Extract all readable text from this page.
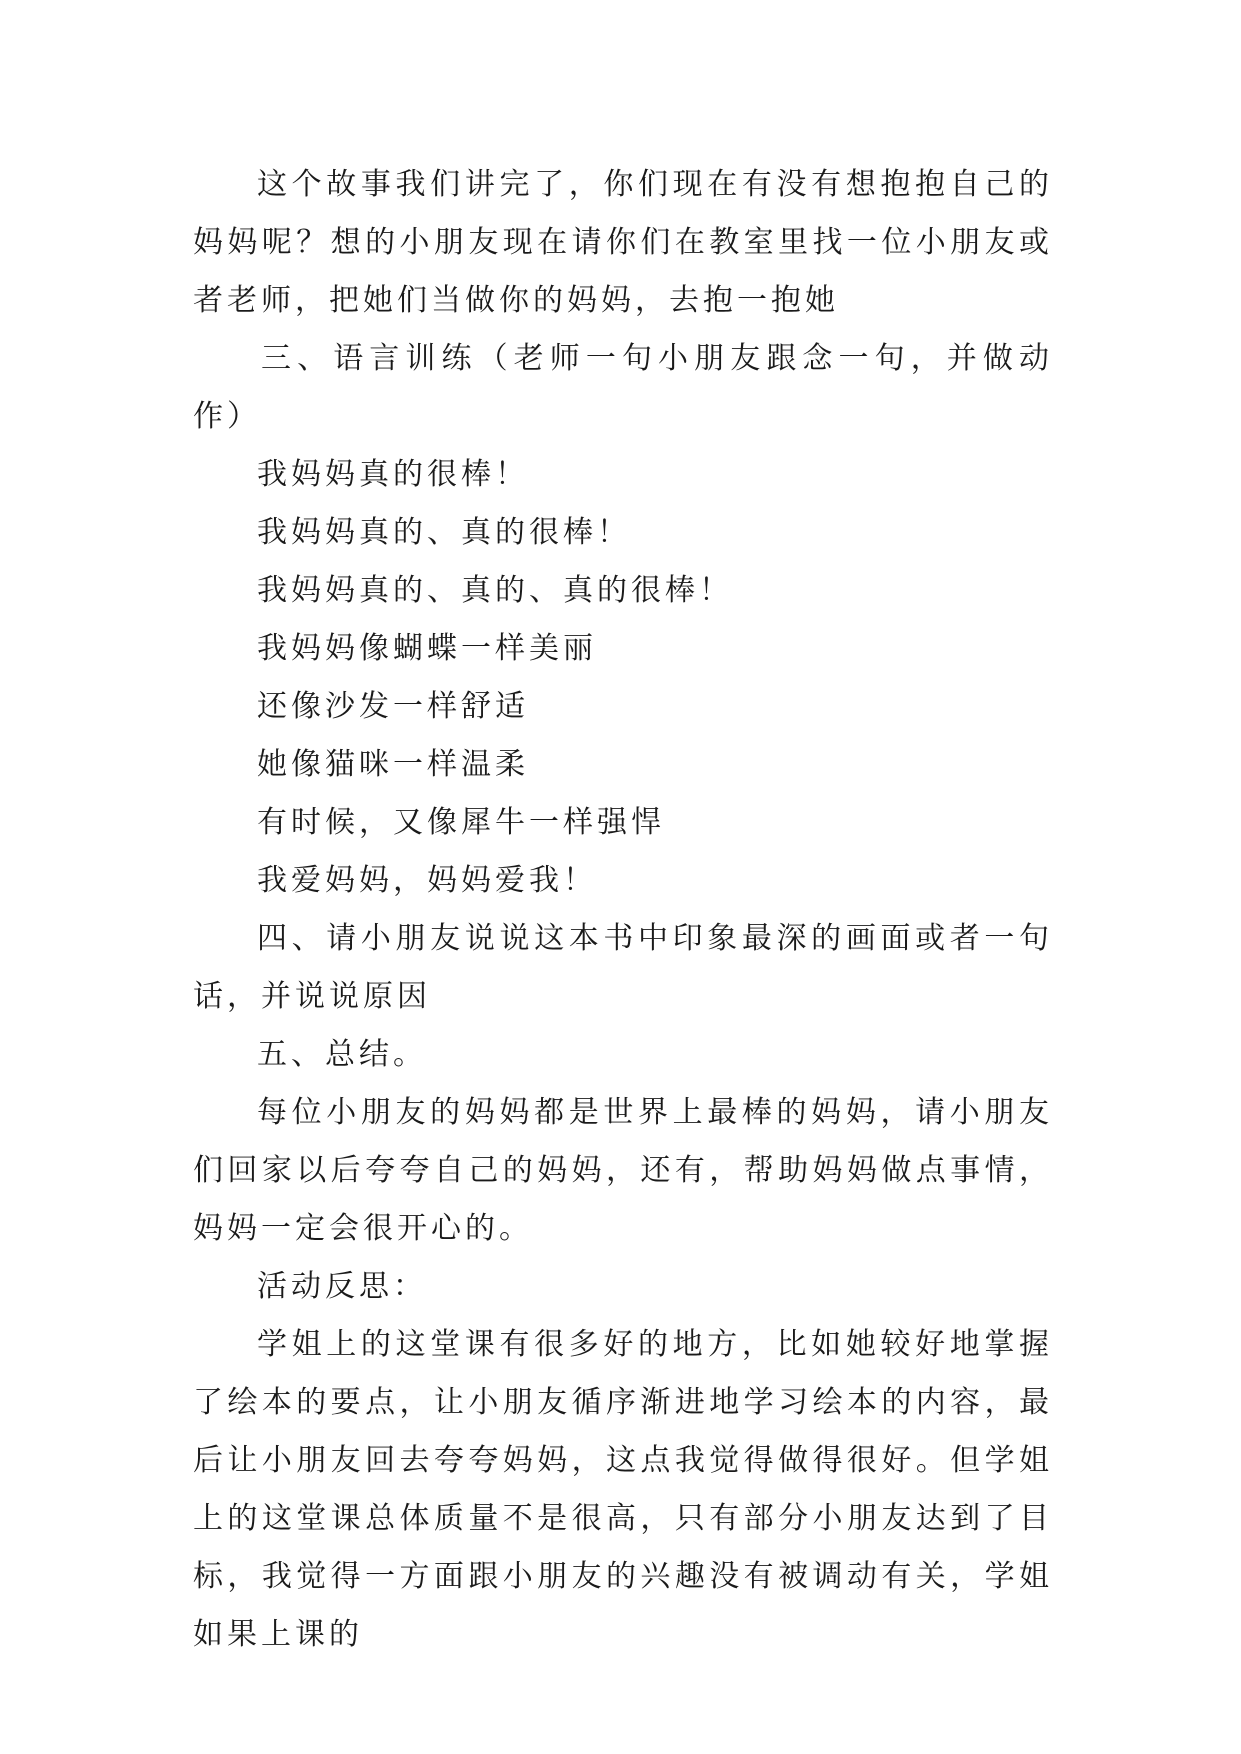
这个故事我们讲完了，你们现在有没有想抱抱自己的妈妈呢？想的小朋友现在请你们在教室里找一位小朋友或者老师，把她们当做你的妈妈，去抱一抱她

三、语言训练（老师一句小朋友跟念一句，并做动作）

我妈妈真的很棒！

我妈妈真的、真的很棒！

我妈妈真的、真的、真的很棒！

我妈妈像蝴蝶一样美丽

还像沙发一样舒适

她像猫咪一样温柔

有时候，又像犀牛一样强悍

我爱妈妈，妈妈爱我！

四、请小朋友说说这本书中印象最深的画面或者一句话，并说说原因

五、总结。

每位小朋友的妈妈都是世界上最棒的妈妈，请小朋友们回家以后夸夸自己的妈妈，还有，帮助妈妈做点事情，妈妈一定会很开心的。

活动反思：

学姐上的这堂课有很多好的地方，比如她较好地掌握了绘本的要点，让小朋友循序渐进地学习绘本的内容，最后让小朋友回去夸夸妈妈，这点我觉得做得很好。但学姐上的这堂课总体质量不是很高，只有部分小朋友达到了目标，我觉得一方面跟小朋友的兴趣没有被调动有关，学姐如果上课的
